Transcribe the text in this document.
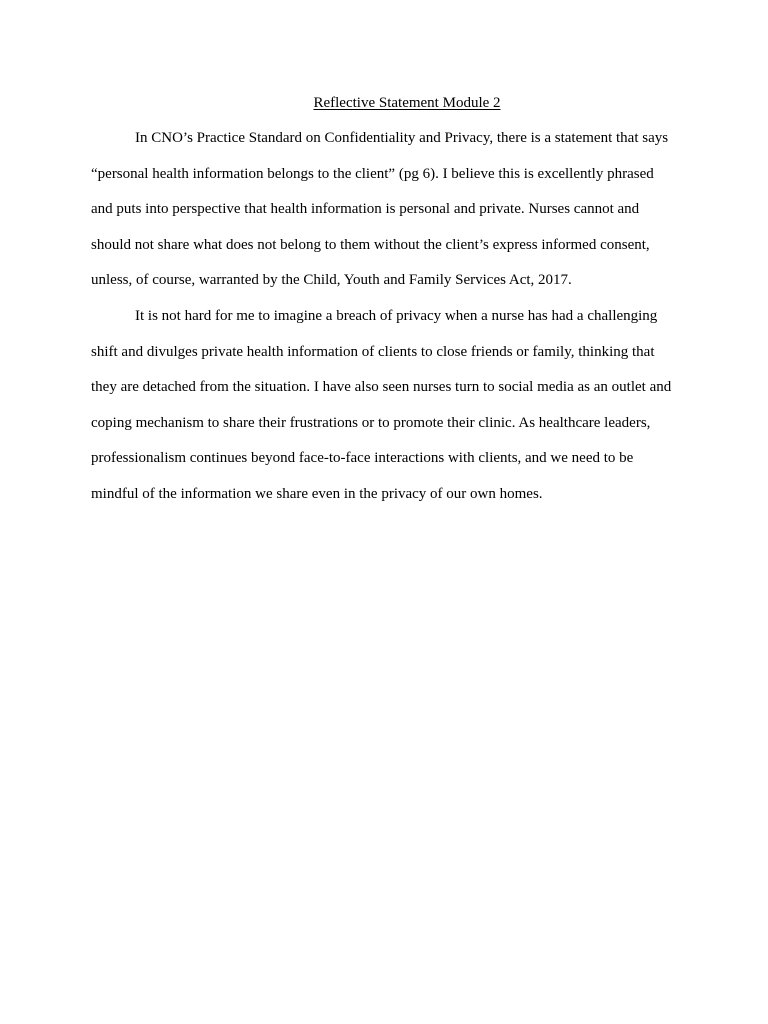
Reflective Statement Module 2
In CNO’s Practice Standard on Confidentiality and Privacy, there is a statement that says
“personal health information belongs to the client” (pg 6). I believe this is excellently phrased
and puts into perspective that health information is personal and private. Nurses cannot and
should not share what does not belong to them without the client’s express informed consent,
unless, of course, warranted by the Child, Youth and Family Services Act, 2017.
It is not hard for me to imagine a breach of privacy when a nurse has had a challenging
shift and divulges private health information of clients to close friends or family, thinking that
they are detached from the situation. I have also seen nurses turn to social media as an outlet and
coping mechanism to share their frustrations or to promote their clinic. As healthcare leaders,
professionalism continues beyond face-to-face interactions with clients, and we need to be
mindful of the information we share even in the privacy of our own homes.
